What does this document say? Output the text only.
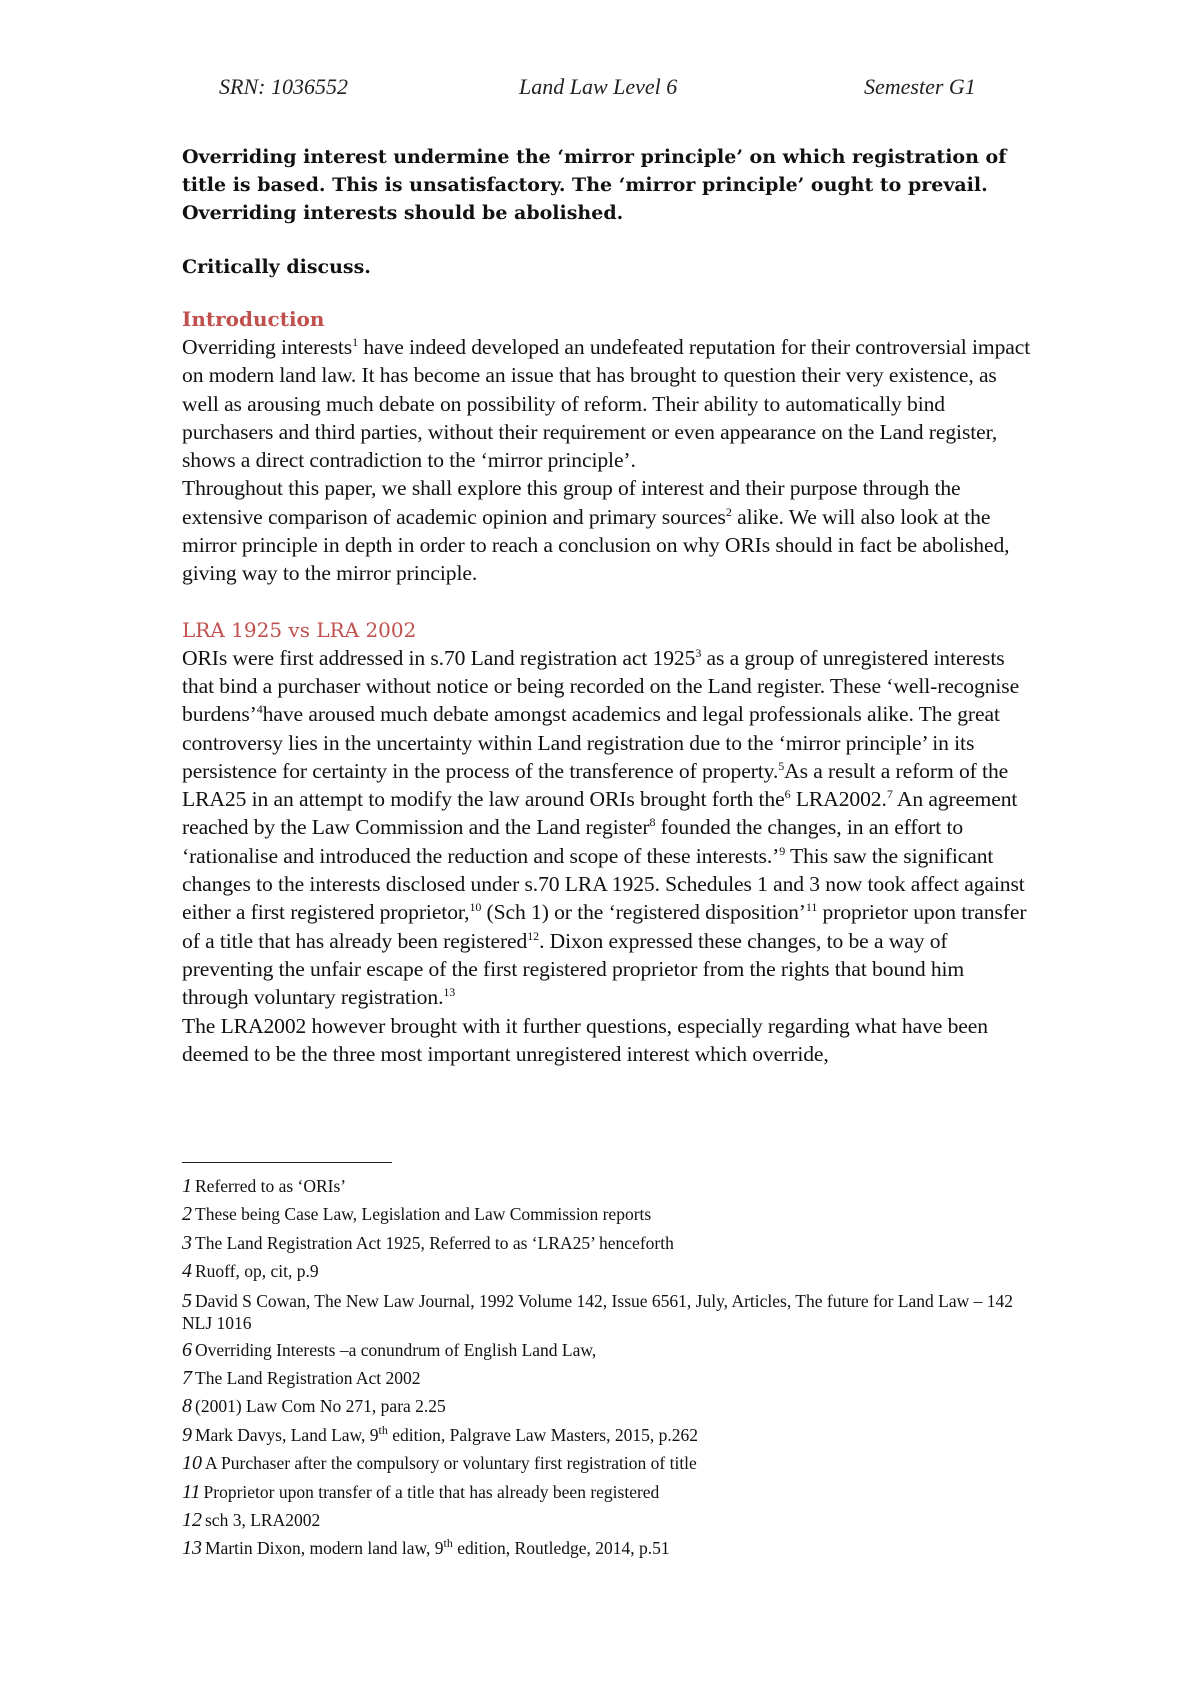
SRN: 1036552	Land Law Level 6	Semester G1

Overriding interest undermine the ‘mirror principle’ on which registration of title is based. This is unsatisfactory. The ‘mirror principle’ ought to prevail. Overriding interests should be abolished.

Critically discuss.

Introduction

Overriding interests$^1$ have indeed developed an undefeated reputation for their controversial impact on modern land law. It has become an issue that has brought to question their very existence, as well as arousing much debate on possibility of reform. Their ability to automatically bind purchasers and third parties, without their requirement or even appearance on the Land register, shows a direct contradiction to the ‘mirror principle’.

Throughout this paper, we shall explore this group of interest and their purpose through the extensive comparison of academic opinion and primary sources$^2$ alike. We will also look at the mirror principle in depth in order to reach a conclusion on why ORIs should in fact be abolished, giving way to the mirror principle.

LRA 1925 vs LRA 2002

ORIs were first addressed in s.70 Land registration act 1925$^3$ as a group of unregistered interests that bind a purchaser without notice or being recorded on the Land register. These ‘well-recognise burdens’$^4$have aroused much debate amongst academics and legal professionals alike. The great controversy lies in the uncertainty within Land registration due to the ‘mirror principle’ in its persistence for certainty in the process of the transference of property.$^5$As a result a reform of the LRA25 in an attempt to modify the law around ORIs brought forth the$^6$ LRA2002.$^7$ An agreement reached by the Law Commission and the Land register$^8$ founded the changes, in an effort to ‘rationalise and introduced the reduction and scope of these interests.’$^9$ This saw the significant changes to the interests disclosed under s.70 LRA 1925. Schedules 1 and 3 now took affect against either a first registered proprietor,$^{10}$ (Sch 1) or the ‘registered disposition’$^{11}$ proprietor upon transfer of a title that has already been registered$^{12}$. Dixon expressed these changes, to be a way of preventing the unfair escape of the first registered proprietor from the rights that bound him through voluntary registration.$^{13}$

The LRA2002 however brought with it further questions, especially regarding what have been deemed to be the three most important unregistered interest which override,

1 Referred to as ‘ORIs’
2 These being Case Law, Legislation and Law Commission reports
3 The Land Registration Act 1925, Referred to as ‘LRA25’ henceforth
4 Ruoff, op, cit, p.9
5 David S Cowan, The New Law Journal, 1992 Volume 142, Issue 6561, July, Articles, The future for Land Law – 142 NLJ 1016
6 Overriding Interests –a conundrum of English Land Law,
7 The Land Registration Act 2002
8 (2001) Law Com No 271, para 2.25
9 Mark Davys, Land Law, 9th edition, Palgrave Law Masters, 2015, p.262
10 A Purchaser after the compulsory or voluntary first registration of title
11 Proprietor upon transfer of a title that has already been registered
12 sch 3, LRA2002
13 Martin Dixon, modern land law, 9th edition, Routledge, 2014, p.51
